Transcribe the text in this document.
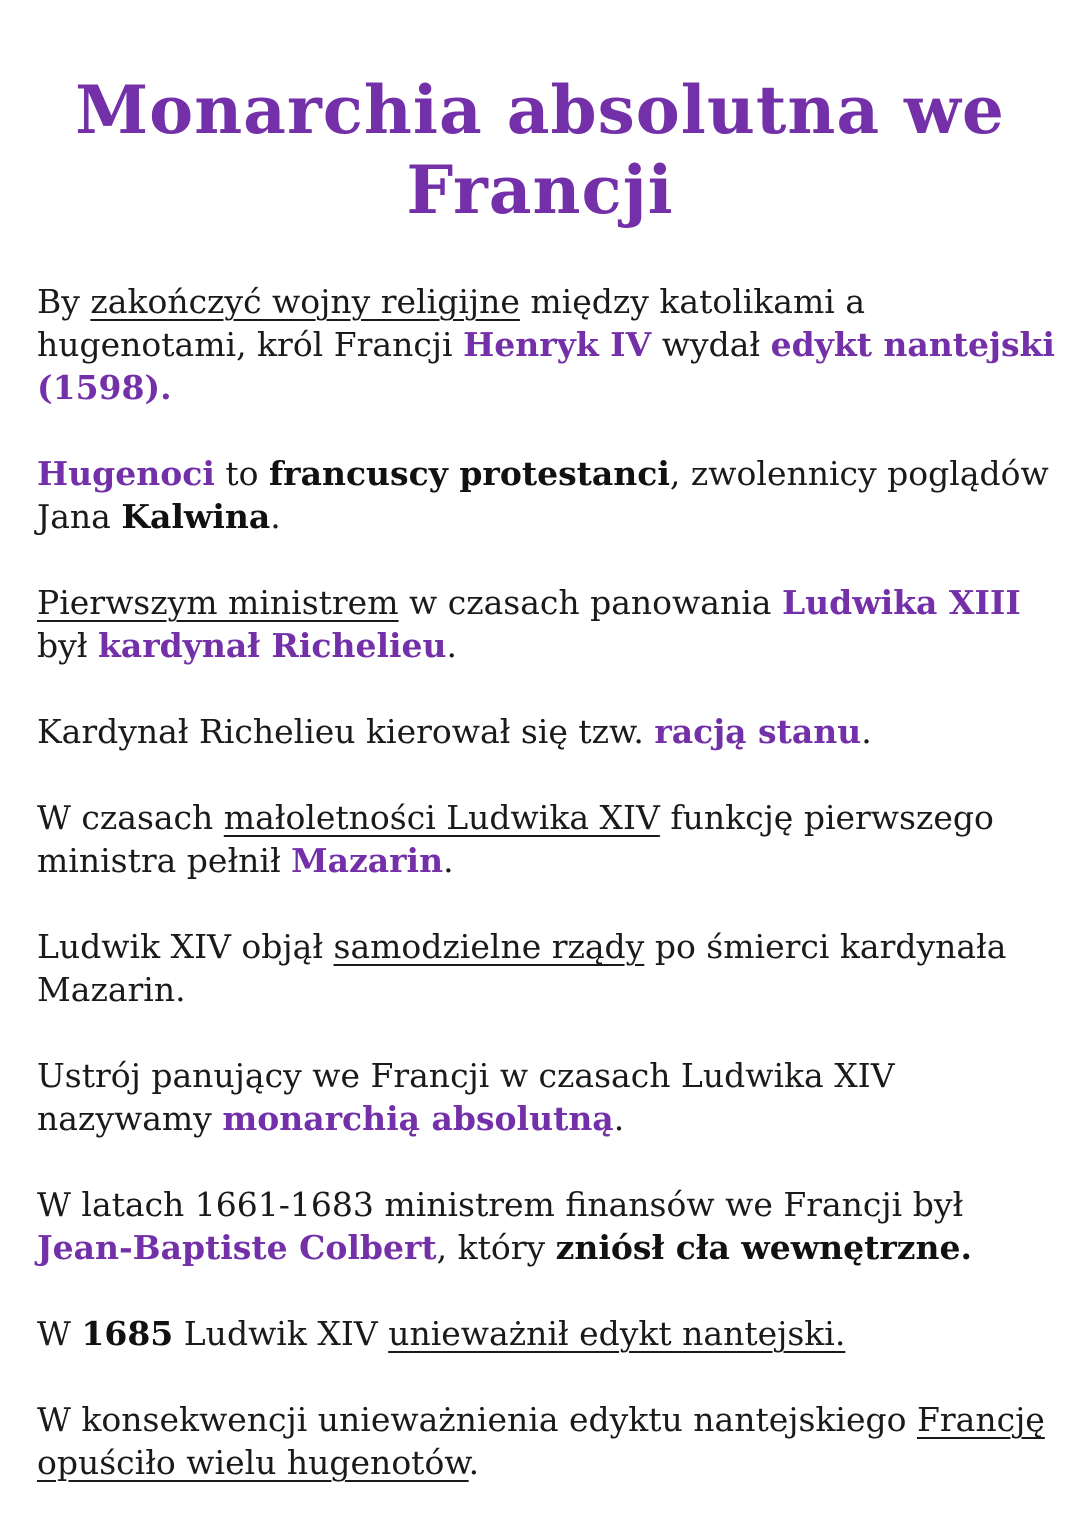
Monarchia absolutna we
Francji

By zakończyć wojny religijne między katolikami a hugenotami, król Francji Henryk IV wydał edykt nantejski (1598).

Hugenoci to francuscy protestanci, zwolennicy poglądów Jana Kalwina.

Pierwszym ministrem w czasach panowania Ludwika XIII był kardynał Richelieu.

Kardynał Richelieu kierował się tzw. racją stanu.

W czasach małoletności Ludwika XIV funkcję pierwszego ministra pełnił Mazarin.

Ludwik XIV objął samodzielne rządy po śmierci kardynała Mazarin.

Ustrój panujący we Francji w czasach Ludwika XIV nazywamy monarchią absolutną.

W latach 1661-1683 ministrem finansów we Francji był Jean-Baptiste Colbert, który zniósł cła wewnętrzne.

W 1685 Ludwik XIV unieważnił edykt nantejski.

W konsekwencji unieważnienia edyktu nantejskiego Francję opuściło wielu hugenotów.
